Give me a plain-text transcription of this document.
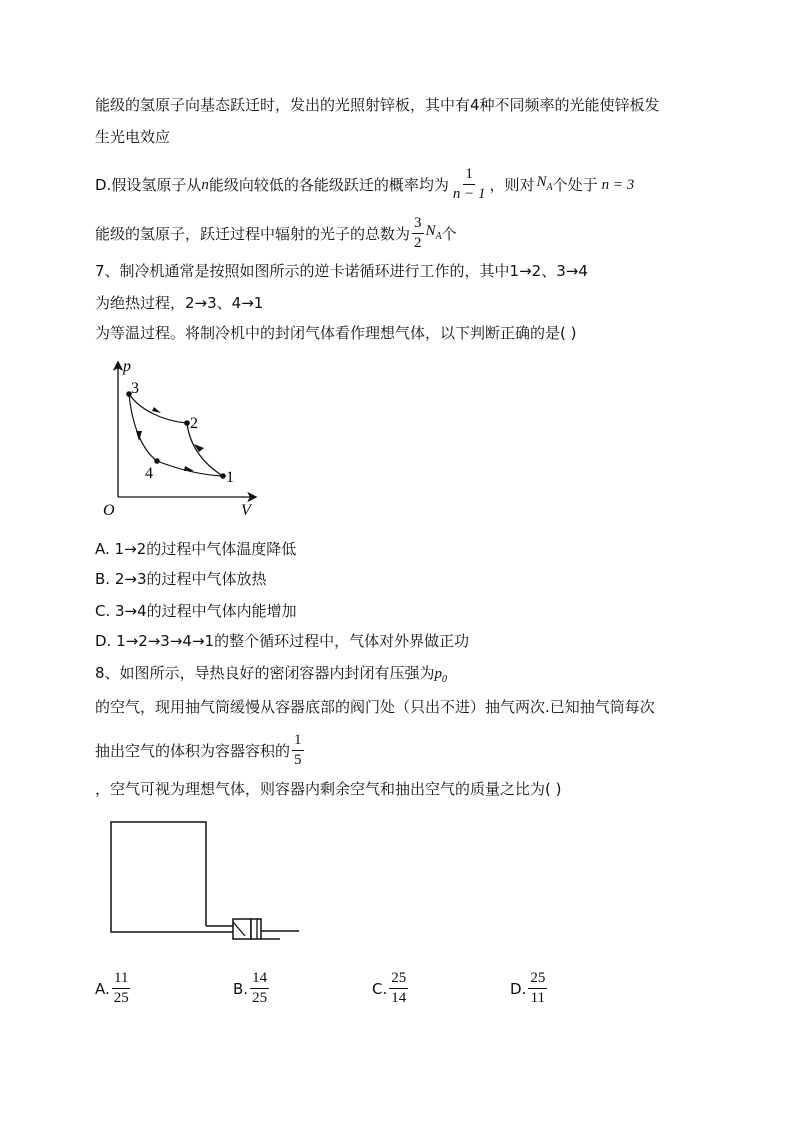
能级的氢原子向基态跃迁时，发出的光照射锌板，其中有4种不同频率的光能使锌板发
生光电效应
D.假设氢原子从 n 能级向较低的各能级跃迁的概率均为 $\frac{1}{n - 1}$ ，则对 $N_A$ 个处于 n = 3
能级的氢原子，跃迁过程中辐射的光子的总数为 $\frac{3}{2} N_A$ 个
7、制冷机通常是按照如图所示的逆卡诺循环进行工作的，其中1→2、3→4
为绝热过程，2→3、4→1
为等温过程。将制冷机中的封闭气体看作理想气体，以下判断正确的是( )
p
V
O
3
2
4	1
A. 1→2的过程中气体温度降低
B. 2→3的过程中气体放热
C. 3→4的过程中气体内能增加
D. 1→2→3→4→1的整个循环过程中，气体对外界做正功
8、如图所示，导热良好的密闭容器内封闭有压强为$p_0$
的空气，现用抽气筒缓慢从容器底部的阀门处（只出不进）抽气两次.已知抽气筒每次
抽出空气的体积为容器容积的 $\frac{1}{5}$
，空气可视为理想气体，则容器内剩余空气和抽出空气的质量之比为( )
A. $\frac{11}{25}$	B. $\frac{14}{25}$	C. $\frac{25}{14}$	D. $\frac{25}{11}$
